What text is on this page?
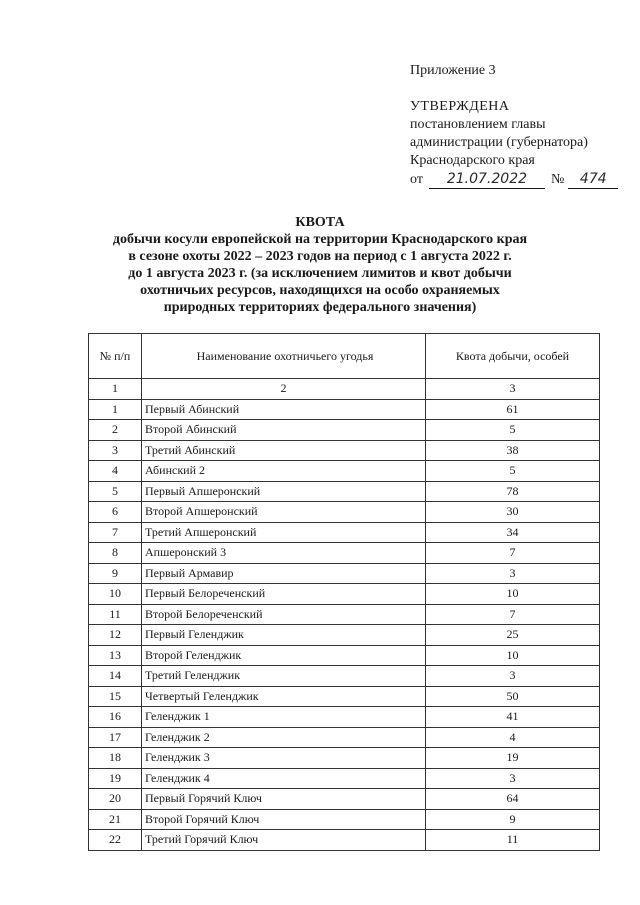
Приложение 3
УТВЕРЖДЕНА
постановлением главы
администрации (губернатора)
Краснодарского края
от	21.07.2022	№	474
КВОТА
добычи косули европейской на территории Краснодарского края
в сезоне охоты 2022 – 2023 годов на период с 1 августа 2022 г.
до 1 августа 2023 г. (за исключением лимитов и квот добычи
охотничьих ресурсов, находящихся на особо охраняемых
природных территориях федерального значения)
№ п/п	Наименование охотничьего угодья	Квота добычи, особей
1	2	3
1	Первый Абинский	61
2	Второй Абинский	5
3	Третий Абинский	38
4	Абинский 2	5
5	Первый Апшеронский	78
6	Второй Апшеронский	30
7	Третий Апшеронский	34
8	Апшеронский 3	7
9	Первый Армавир	3
10	Первый Белореченский	10
11	Второй Белореченский	7
12	Первый Геленджик	25
13	Второй Геленджик	10
14	Третий Геленджик	3
15	Четвертый Геленджик	50
16	Геленджик 1	41
17	Геленджик 2	4
18	Геленджик 3	19
19	Геленджик 4	3
20	Первый Горячий Ключ	64
21	Второй Горячий Ключ	9
22	Третий Горячий Ключ	11
